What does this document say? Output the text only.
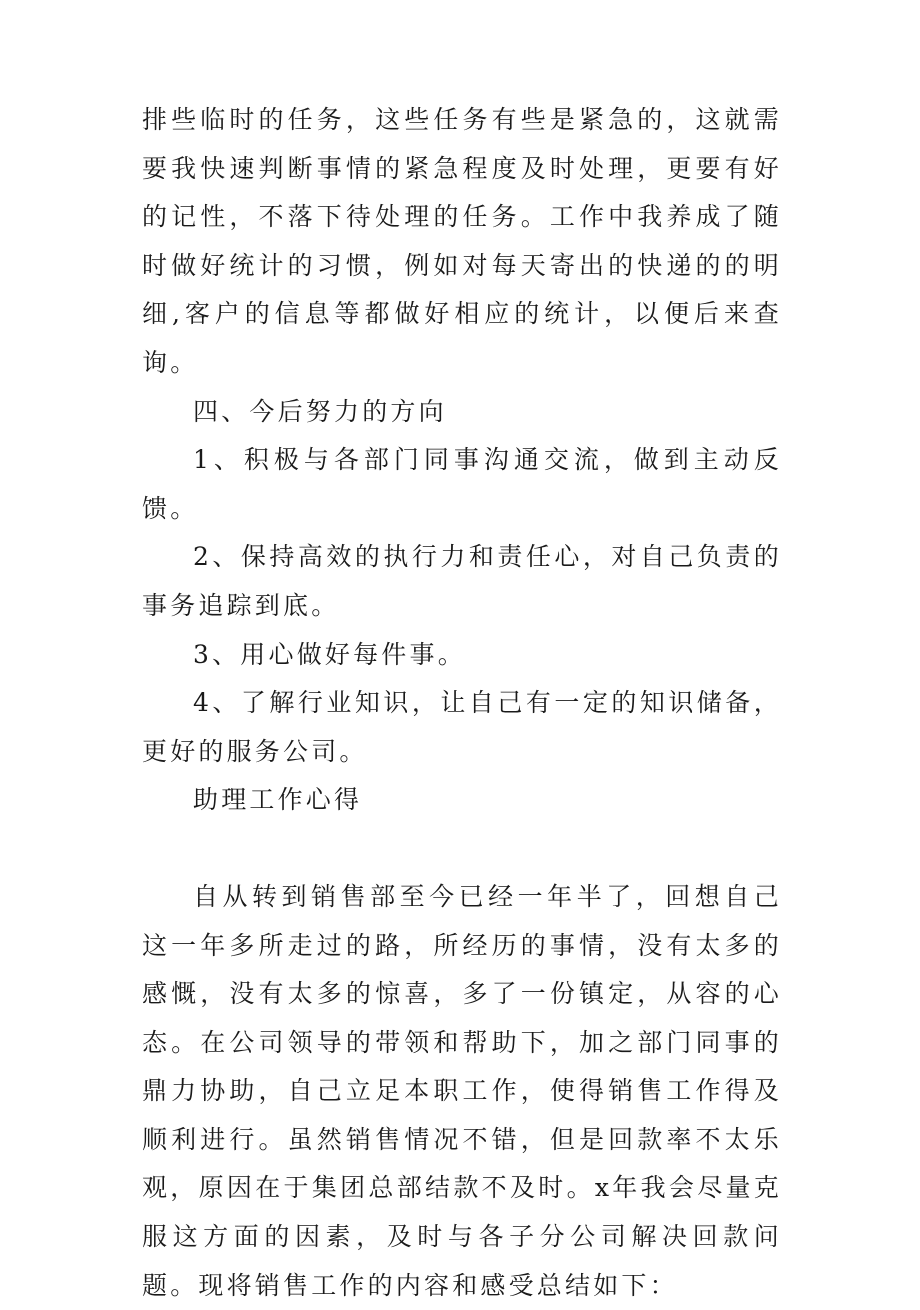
排些临时的任务，这些任务有些是紧急的，这就需要我快速判断事情的紧急程度及时处理，更要有好的记性，不落下待处理的任务。工作中我养成了随时做好统计的习惯，例如对每天寄出的快递的的明细,客户的信息等都做好相应的统计，以便后来查询。

四、今后努力的方向

1、积极与各部门同事沟通交流，做到主动反馈。

2、保持高效的执行力和责任心，对自己负责的事务追踪到底。

3、用心做好每件事。

4、了解行业知识，让自己有一定的知识储备，更好的服务公司。

助理工作心得

自从转到销售部至今已经一年半了，回想自己这一年多所走过的路，所经历的事情，没有太多的感慨，没有太多的惊喜，多了一份镇定，从容的心态。在公司领导的带领和帮助下，加之部门同事的鼎力协助，自己立足本职工作，使得销售工作得及顺利进行。虽然销售情况不错，但是回款率不太乐观，原因在于集团总部结款不及时。x年我会尽量克服这方面的因素，及时与各子分公司解决回款问题。现将销售工作的内容和感受总结如下：
